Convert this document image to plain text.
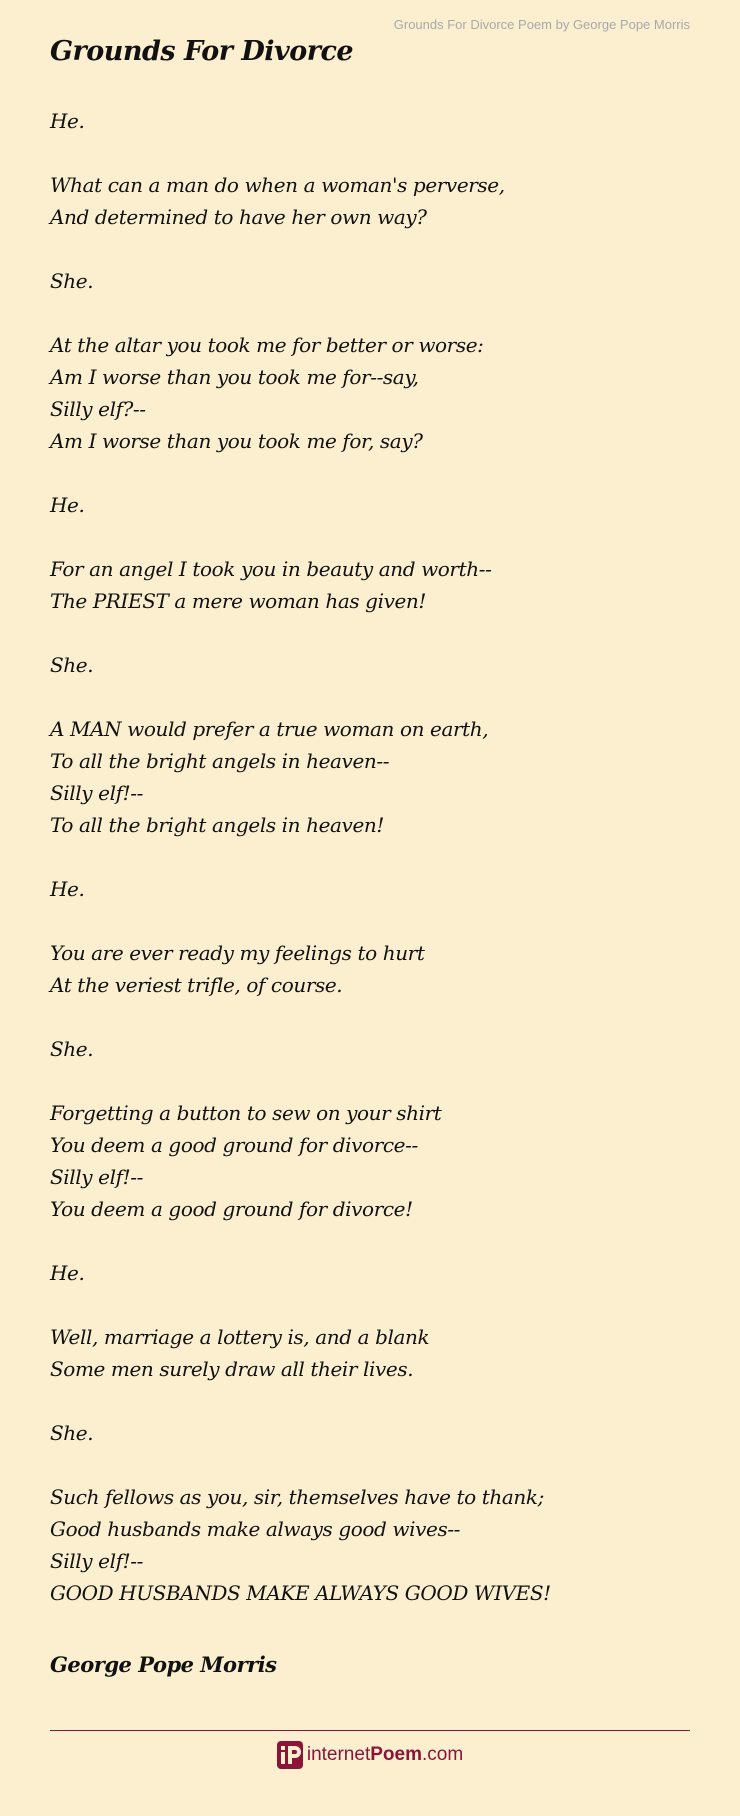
Grounds For Divorce Poem by George Pope Morris
Grounds For Divorce
He.
What can a man do when a woman's perverse,
And determined to have her own way?
She.
At the altar you took me for better or worse:
Am I worse than you took me for--say,
Silly elf?--
Am I worse than you took me for, say?
He.
For an angel I took you in beauty and worth--
The PRIEST a mere woman has given!
She.
A MAN would prefer a true woman on earth,
To all the bright angels in heaven--
Silly elf!--
To all the bright angels in heaven!
He.
You are ever ready my feelings to hurt
At the veriest trifle, of course.
She.
Forgetting a button to sew on your shirt
You deem a good ground for divorce--
Silly elf!--
You deem a good ground for divorce!
He.
Well, marriage a lottery is, and a blank
Some men surely draw all their lives.
She.
Such fellows as you, sir, themselves have to thank;
Good husbands make always good wives--
Silly elf!--
GOOD HUSBANDS MAKE ALWAYS GOOD WIVES!
George Pope Morris
internetPoem.com
